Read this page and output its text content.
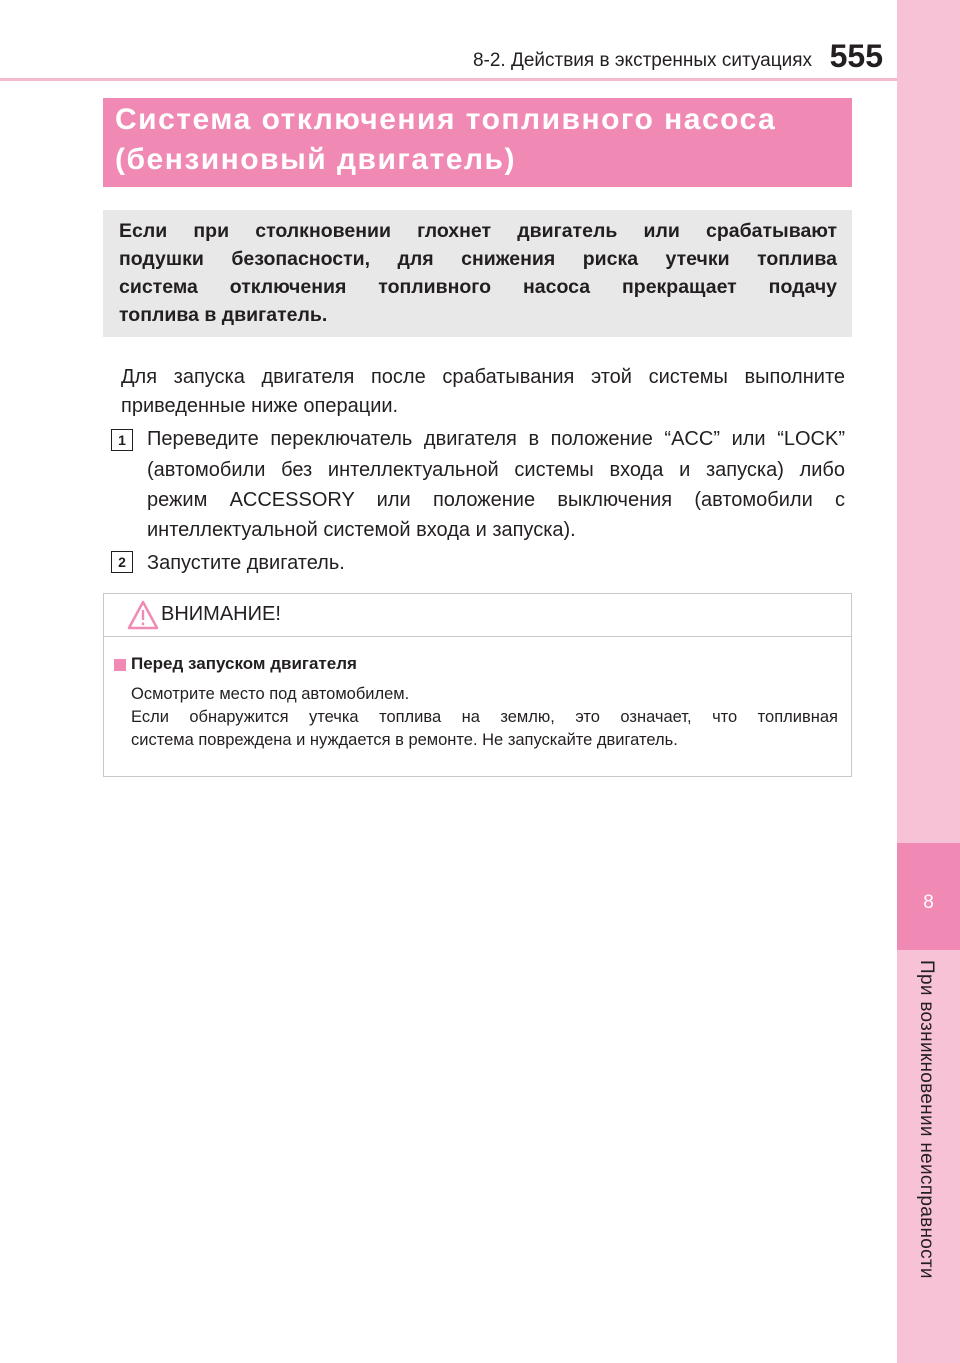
8-2. Действия в экстренных ситуациях 555
8
При возникновении неисправности
Система отключения топливного насоса
(бензиновый двигатель)
Если при столкновении глохнет двигатель или срабатывают
подушки безопасности, для снижения риска утечки топлива
система отключения топливного насоса прекращает подачу
топлива в двигатель.
Для запуска двигателя после срабатывания этой системы выполните
приведенные ниже операции.
1	Переведите переключатель двигателя в положение “ACC” или “LOCK”
(автомобили без интеллектуальной системы входа и запуска) либо
режим ACCESSORY или положение выключения (автомобили с
интеллектуальной системой входа и запуска).
2	Запустите двигатель.
ВНИМАНИЕ!
Перед запуском двигателя
Осмотрите место под автомобилем.
Если обнаружится утечка топлива на землю, это означает, что топливная
система повреждена и нуждается в ремонте. Не запускайте двигатель.
